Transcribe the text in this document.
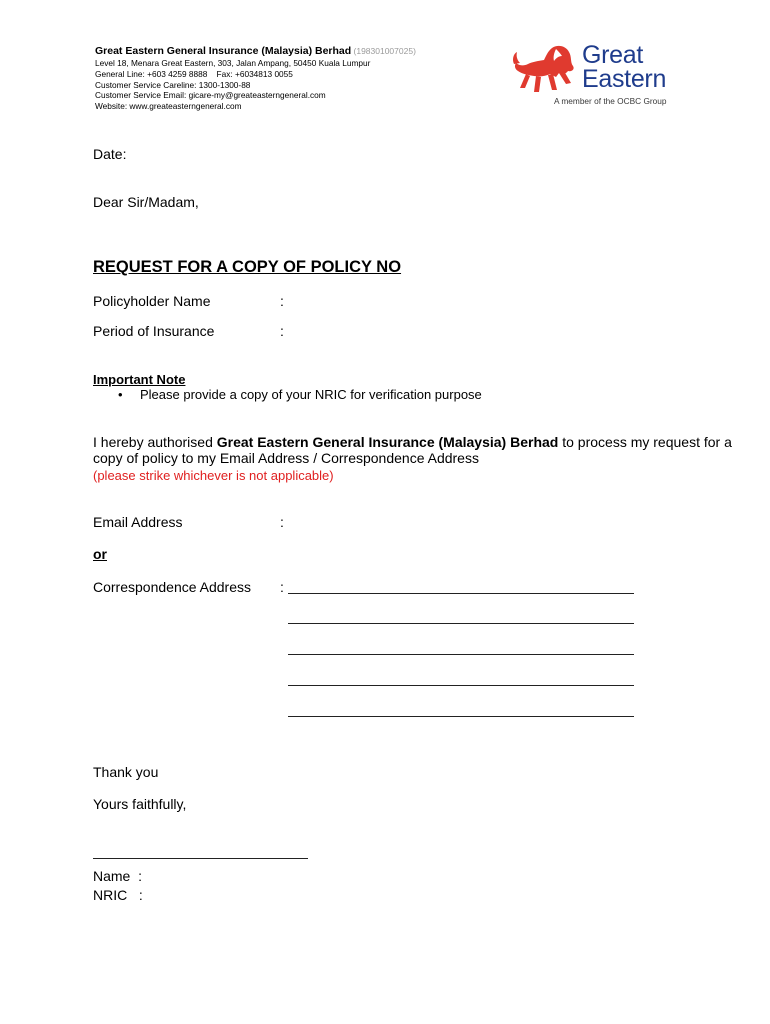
Great Eastern General Insurance (Malaysia) Berhad (198301007025)
Level 18, Menara Great Eastern, 303, Jalan Ampang, 50450 Kuala Lumpur
General Line: +603 4259 8888    Fax: +6034813 0055
Customer Service Careline: 1300-1300-88
Customer Service Email: gicare-my@greateasterngeneral.com
Website: www.greateasterngeneral.com
Great
Eastern
A member of the OCBC Group
Date:
Dear Sir/Madam,
REQUEST FOR A COPY OF POLICY NO
Policyholder Name	:
Period of Insurance	:
Important Note
• Please provide a copy of your NRIC for verification purpose
I hereby authorised Great Eastern General Insurance (Malaysia) Berhad to process my request for a copy of policy to my Email Address / Correspondence Address
(please strike whichever is not applicable)
Email Address	:
or
Correspondence Address :
Thank you
Yours faithfully,
Name  :
NRIC   :
